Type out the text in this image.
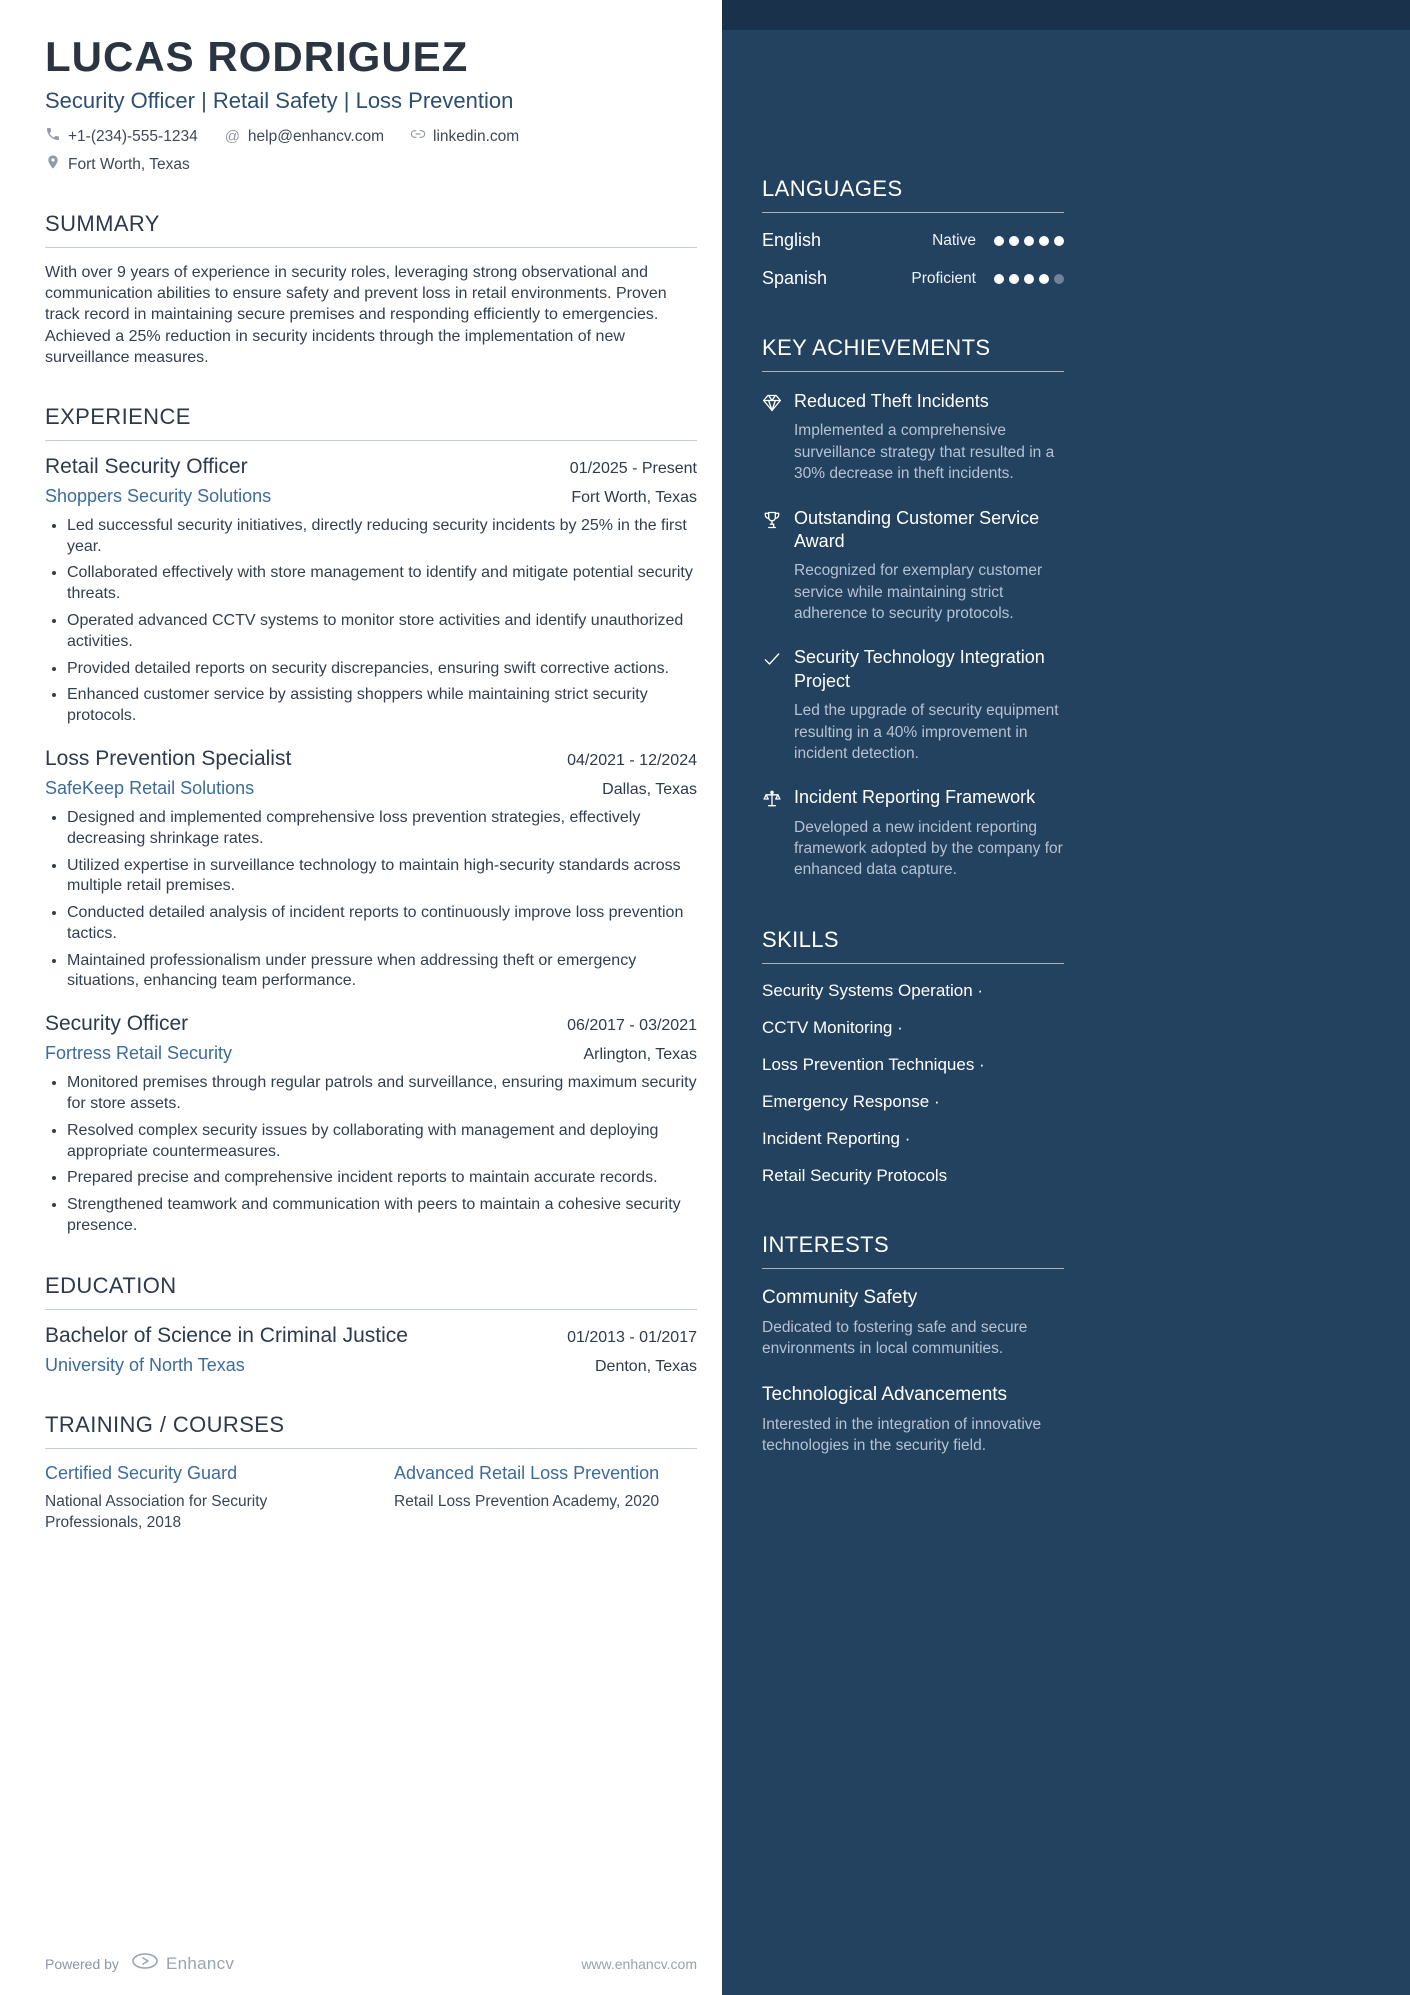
LUCAS RODRIGUEZ
Security Officer | Retail Safety | Loss Prevention
+1-(234)-555-1234 @ help@enhancv.com	linkedin.com
Fort Worth, Texas
SUMMARY

With over 9 years of experience in security roles, leveraging strong observational and communication abilities to ensure safety and prevent loss in retail environments. Proven track record in maintaining secure premises and responding efficiently to emergencies. Achieved a 25% reduction in security incidents through the implementation of new surveillance measures.

EXPERIENCE
Retail Security Officer	01/2025 - Present
Shoppers Security Solutions	Fort Worth, Texas
• Led successful security initiatives, directly reducing security incidents by 25% in the first year.
• Collaborated effectively with store management to identify and mitigate potential security threats.
• Operated advanced CCTV systems to monitor store activities and identify unauthorized activities.
• Provided detailed reports on security discrepancies, ensuring swift corrective actions.
• Enhanced customer service by assisting shoppers while maintaining strict security protocols.
Loss Prevention Specialist	04/2021 - 12/2024
SafeKeep Retail Solutions	Dallas, Texas
• Designed and implemented comprehensive loss prevention strategies, effectively decreasing shrinkage rates.
• Utilized expertise in surveillance technology to maintain high-security standards across multiple retail premises.
• Conducted detailed analysis of incident reports to continuously improve loss prevention tactics.
• Maintained professionalism under pressure when addressing theft or emergency situations, enhancing team performance.
Security Officer	06/2017 - 03/2021
Fortress Retail Security	Arlington, Texas
• Monitored premises through regular patrols and surveillance, ensuring maximum security for store assets.
• Resolved complex security issues by collaborating with management and deploying appropriate countermeasures.
• Prepared precise and comprehensive incident reports to maintain accurate records.
• Strengthened teamwork and communication with peers to maintain a cohesive security presence.
EDUCATION
Bachelor of Science in Criminal Justice	01/2013 - 01/2017
University of North Texas	Denton, Texas
TRAINING / COURSES
Certified Security Guard
National Association for Security Professionals, 2018
Advanced Retail Loss Prevention
Retail Loss Prevention Academy, 2020
Powered by	Enhancv	www.enhancv.com
LANGUAGES
English	Native
Spanish	Proficient
KEY ACHIEVEMENTS
Reduced Theft Incidents
Implemented a comprehensive surveillance strategy that resulted in a 30% decrease in theft incidents.
Outstanding Customer Service Award
Recognized for exemplary customer service while maintaining strict adherence to security protocols.
Security Technology Integration Project
Led the upgrade of security equipment resulting in a 40% improvement in incident detection.
Incident Reporting Framework
Developed a new incident reporting framework adopted by the company for enhanced data capture.
SKILLS
Security Systems Operation ·
CCTV Monitoring ·
Loss Prevention Techniques ·
Emergency Response ·
Incident Reporting ·
Retail Security Protocols
INTERESTS
Community Safety
Dedicated to fostering safe and secure environments in local communities.
Technological Advancements
Interested in the integration of innovative technologies in the security field.
